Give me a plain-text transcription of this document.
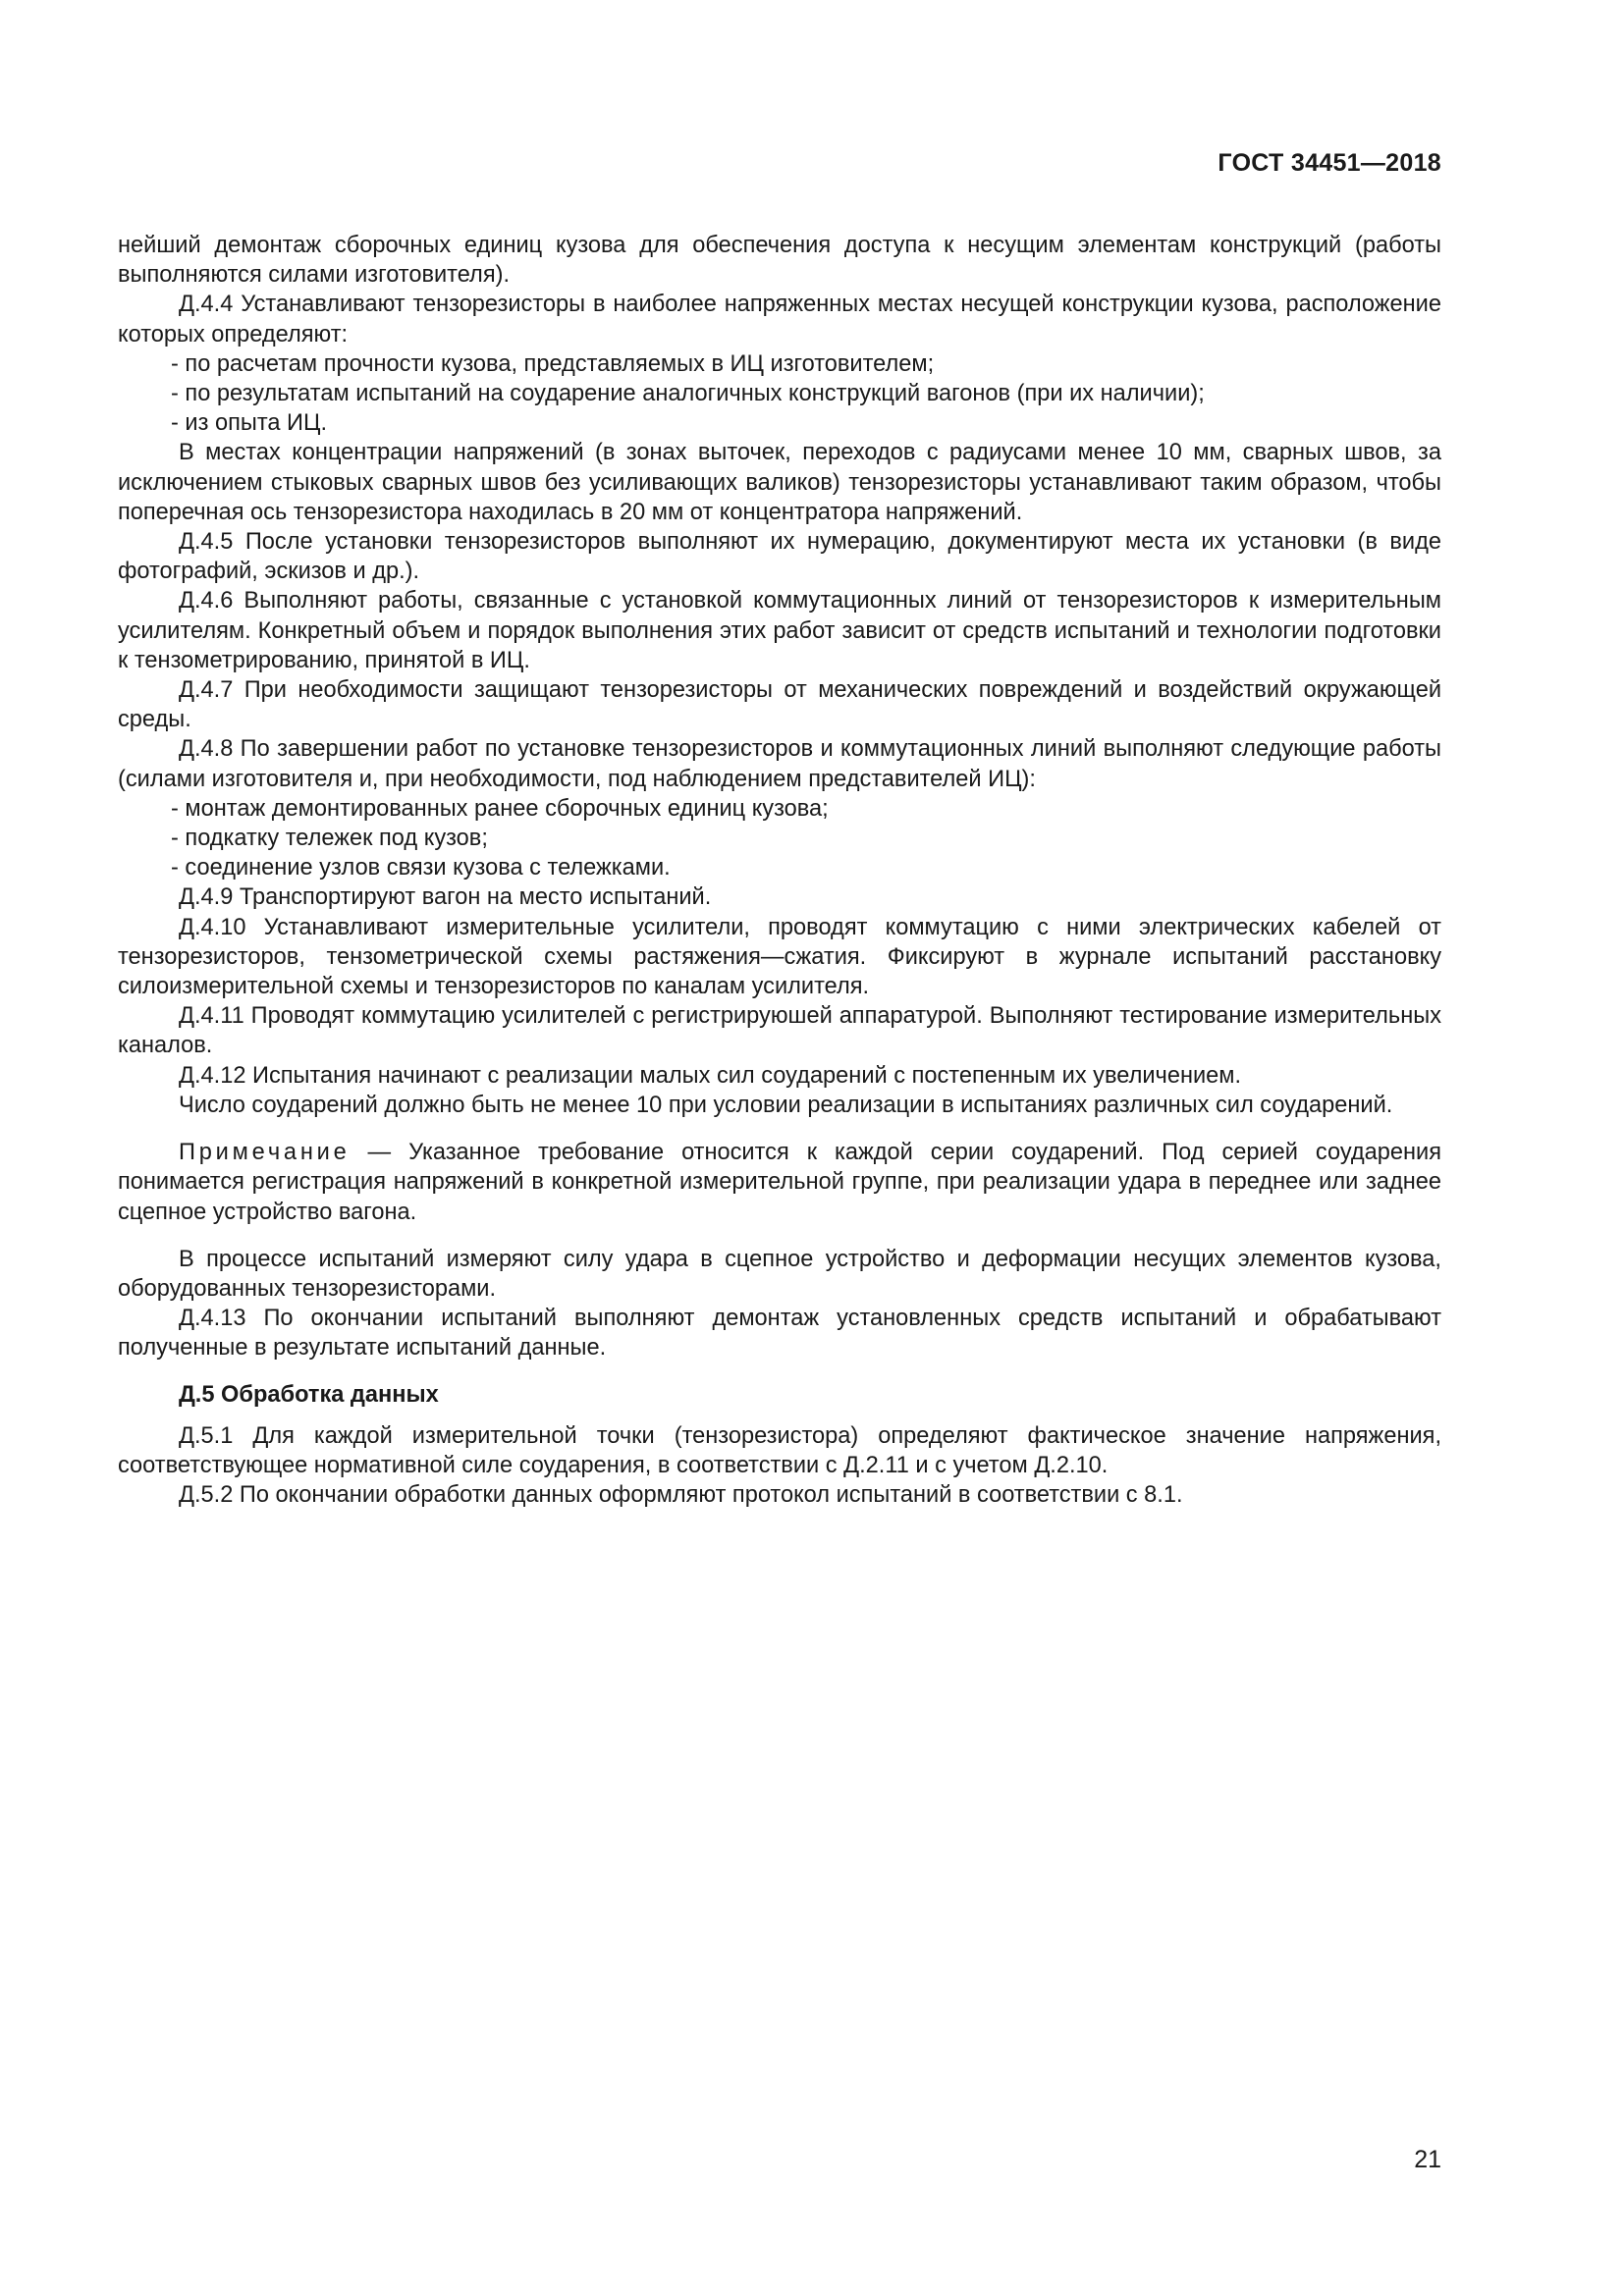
ГОСТ 34451—2018

нейший демонтаж сборочных единиц кузова для обеспечения доступа к несущим элементам конструкций (работы выполняются силами изготовителя).

Д.4.4 Устанавливают тензорезисторы в наиболее напряженных местах несущей конструкции кузова, расположение которых определяют:

- по расчетам прочности кузова, представляемых в ИЦ изготовителем;

- по результатам испытаний на соударение аналогичных конструкций вагонов (при их наличии);

- из опыта ИЦ.

В местах концентрации напряжений (в зонах выточек, переходов с радиусами менее 10 мм, сварных швов, за исключением стыковых сварных швов без усиливающих валиков) тензорезисторы устанавливают таким образом, чтобы поперечная ось тензорезистора находилась в 20 мм от концентратора напряжений.

Д.4.5 После установки тензорезисторов выполняют их нумерацию, документируют места их установки (в виде фотографий, эскизов и др.).

Д.4.6 Выполняют работы, связанные с установкой коммутационных линий от тензорезисторов к измерительным усилителям. Конкретный объем и порядок выполнения этих работ зависит от средств испытаний и технологии подготовки к тензометрированию, принятой в ИЦ.

Д.4.7 При необходимости защищают тензорезисторы от механических повреждений и воздействий окружающей среды.

Д.4.8 По завершении работ по установке тензорезисторов и коммутационных линий выполняют следующие работы (силами изготовителя и, при необходимости, под наблюдением представителей ИЦ):

- монтаж демонтированных ранее сборочных единиц кузова;

- подкатку тележек под кузов;

- соединение узлов связи кузова с тележками.

Д.4.9 Транспортируют вагон на место испытаний.

Д.4.10 Устанавливают измерительные усилители, проводят коммутацию с ними электрических кабелей от тензорезисторов, тензометрической схемы растяжения—сжатия. Фиксируют в журнале испытаний расстановку силоизмерительной схемы и тензорезисторов по каналам усилителя.

Д.4.11 Проводят коммутацию усилителей с регистрируюшей аппаратурой. Выполняют тестирование измерительных каналов.

Д.4.12 Испытания начинают с реализации малых сил соударений с постепенным их увеличением.

Число соударений должно быть не менее 10 при условии реализации в испытаниях различных сил соударений.

Примечание — Указанное требование относится к каждой серии соударений. Под серией соударения понимается регистрация напряжений в конкретной измерительной группе, при реализации удара в переднее или заднее сцепное устройство вагона.

В процессе испытаний измеряют силу удара в сцепное устройство и деформации несущих элементов кузова, оборудованных тензорезисторами.

Д.4.13 По окончании испытаний выполняют демонтаж установленных средств испытаний и обрабатывают полученные в результате испытаний данные.

Д.5 Обработка данных

Д.5.1 Для каждой измерительной точки (тензорезистора) определяют фактическое значение напряжения, соответствующее нормативной силе соударения, в соответствии с Д.2.11 и с учетом Д.2.10.

Д.5.2 По окончании обработки данных оформляют протокол испытаний в соответствии с 8.1.

21
